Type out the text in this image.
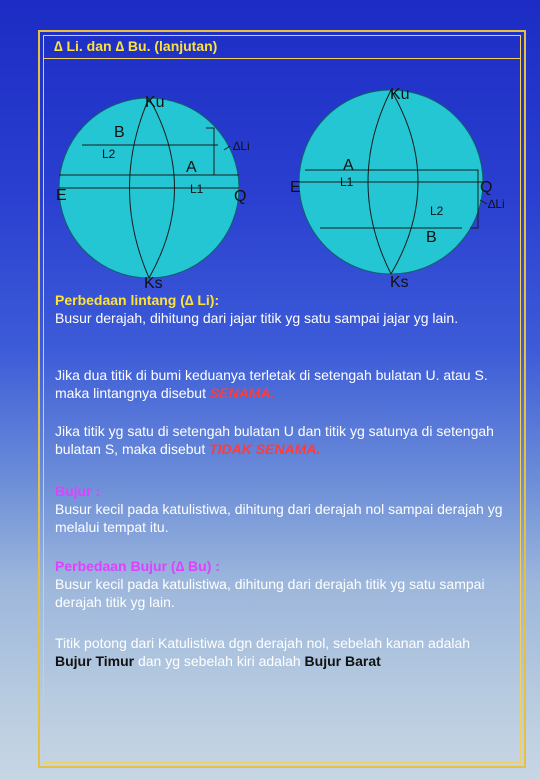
∆ Li. dan ∆ Bu. (lanjutan)
Ku
B
L2
A
L1
∆Li
E	Q
Ks
Ku
A
L1
E	Q
L2	∆Li
B
Ks
Perbedaan lintang (∆ Li):
Busur derajah, dihitung dari jajar titik yg satu sampai jajar yg lain.
Jika dua titik di bumi keduanya terletak di setengah bulatan U. atau S. maka lintangnya disebut SENAMA.
Jika titik yg satu di setengah bulatan U dan titik yg satunya di setengah bulatan S, maka disebut TIDAK SENAMA.
Bujur :
Busur kecil pada katulistiwa, dihitung dari derajah nol sampai derajah yg melalui tempat itu.
Perbedaan Bujur (∆ Bu) :
Busur kecil pada katulistiwa, dihitung dari derajah titik yg satu sampai derajah titik yg lain.
Titik potong dari Katulistiwa dgn derajah nol, sebelah kanan adalah Bujur Timur dan yg sebelah kiri adalah Bujur Barat
